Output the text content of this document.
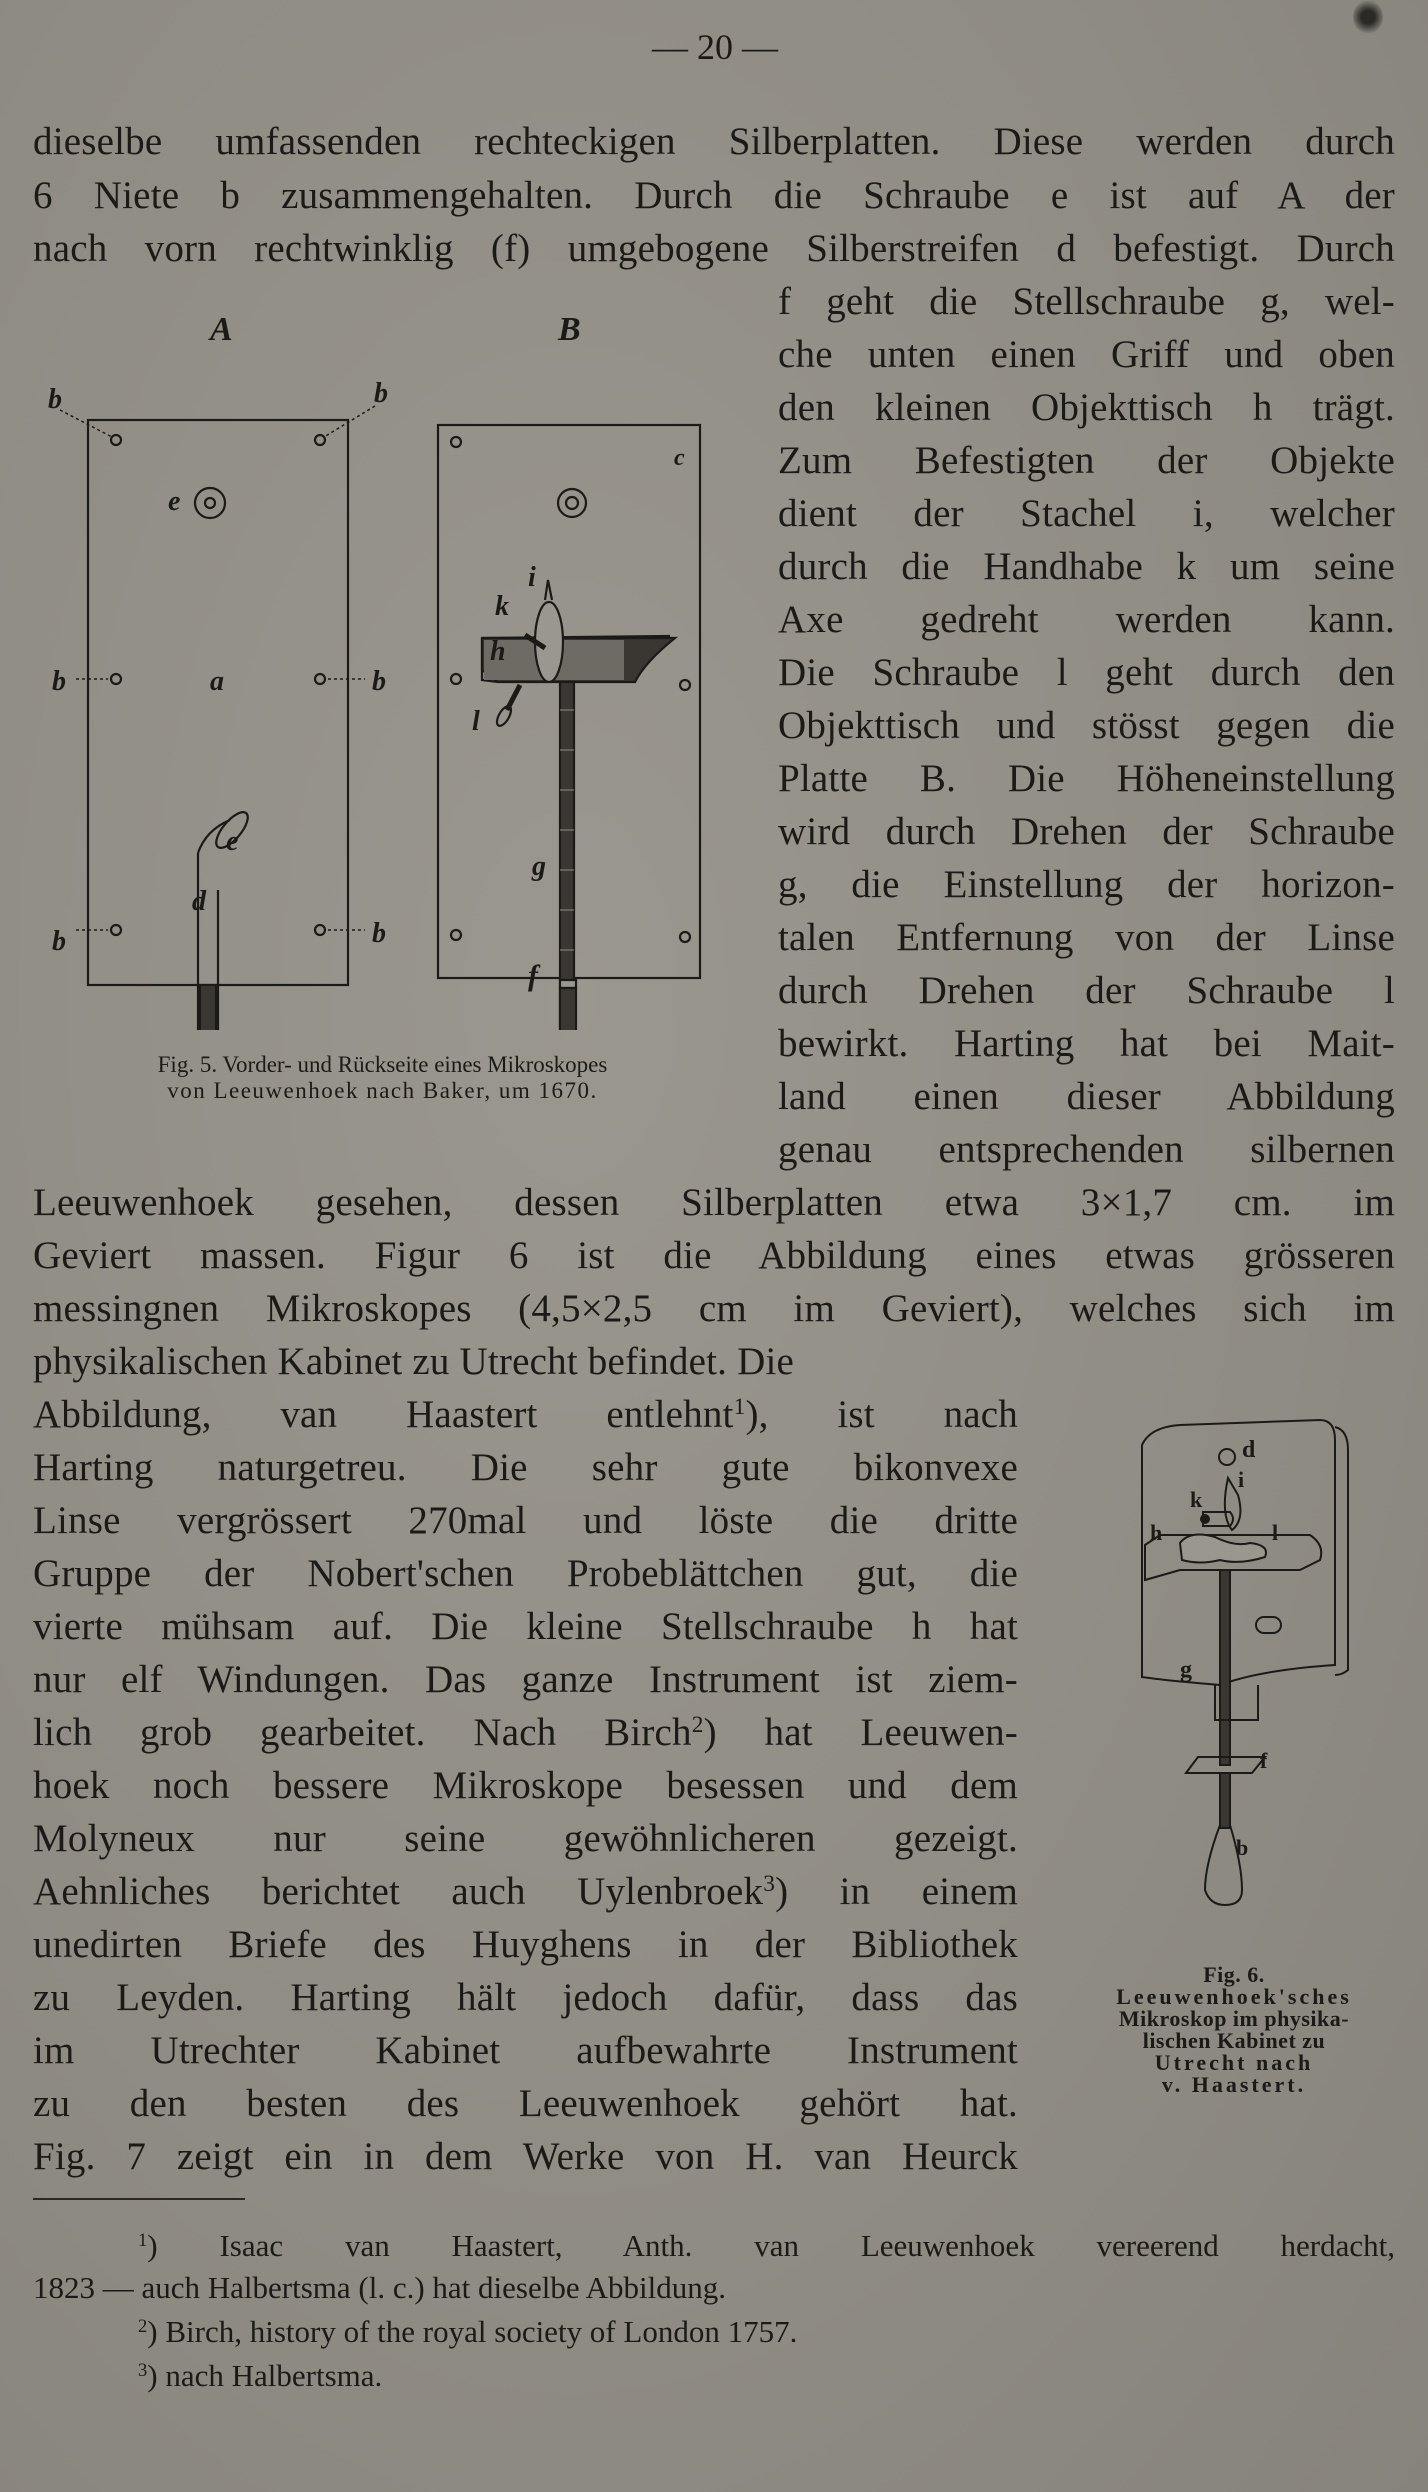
— 20 —
dieselbe umfassenden rechteckigen Silberplatten. Diese werden durch
6 Niete b zusammengehalten. Durch die Schraube e ist auf A der
nach vorn rechtwinklig (f) umgebogene Silberstreifen d befestigt. Durch
f geht die Stellschraube g, wel-
che unten einen Griff und oben
den kleinen Objekttisch h trägt.
Zum Befestigten der Objekte
dient der Stachel i, welcher
durch die Handhabe k um seine
Axe gedreht werden kann.
Die Schraube l geht durch den
Objekttisch und stösst gegen die
Platte B. Die Höheneinstellung
wird durch Drehen der Schraube
g, die Einstellung der horizon-
talen Entfernung von der Linse
durch Drehen der Schraube l
bewirkt. Harting hat bei Mait-
land einen dieser Abbildung
genau entsprechenden silbernen
Leeuwenhoek gesehen, dessen Silberplatten etwa 3×1,7 cm. im
Geviert massen. Figur 6 ist die Abbildung eines etwas grösseren
messingnen Mikroskopes (4,5×2,5 cm im Geviert), welches sich im
physikalischen Kabinet zu Utrecht befindet. Die
Abbildung, van Haastert entlehnt$^1$), ist nach
Harting naturgetreu. Die sehr gute bikonvexe
Linse vergrössert 270mal und löste die dritte
Gruppe der Nobert'schen Probeblättchen gut, die
vierte mühsam auf. Die kleine Stellschraube h hat
nur elf Windungen. Das ganze Instrument ist ziem-
lich grob gearbeitet. Nach Birch$^2$) hat Leeuwen-
hoek noch bessere Mikroskope besessen und dem
Molyneux nur seine gewöhnlicheren gezeigt.
Aehnliches berichtet auch Uylenbroek$^3$) in einem
unedirten Briefe des Huyghens in der Bibliothek
zu Leyden. Harting hält jedoch dafür, dass das
im Utrechter Kabinet aufbewahrte Instrument
zu den besten des Leeuwenhoek gehört hat.
Fig. 7 zeigt ein in dem Werke von H. van Heurck
A	B
b	b
b	b
b	b
e
e
a
d
c
i
k
h
l
g
f
Fig. 5. Vorder- und Rückseite eines Mikroskopes
von Leeuwenhoek nach Baker, um 1670.
d
i
k
h	l
g
f
b
Fig. 6.
Leeuwenhoek'sches
Mikroskop im physika-
lischen Kabinet zu
Utrecht nach
v. Haastert.
$^1$) Isaac van Haastert, Anth. van Leeuwenhoek vereerend herdacht,
1823 — auch Halbertsma (l. c.) hat dieselbe Abbildung.
$^2$) Birch, history of the royal society of London 1757.
$^3$) nach Halbertsma.
